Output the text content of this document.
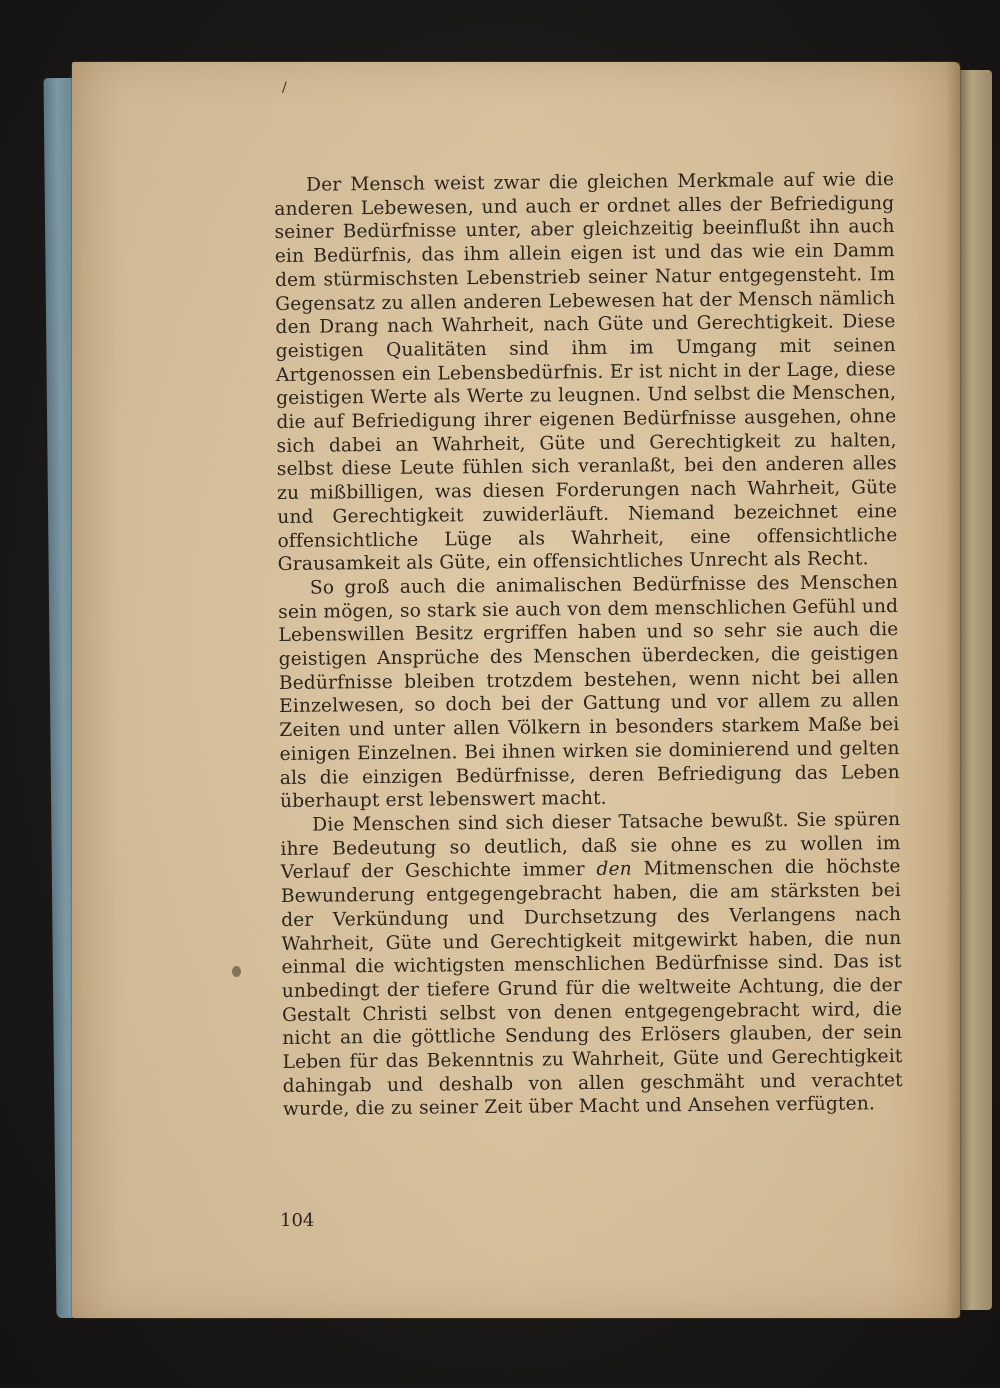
/

Der Mensch weist zwar die gleichen Merkmale auf wie die anderen Lebewesen, und auch er ordnet alles der Befriedigung seiner Bedürfnisse unter, aber gleichzeitig beeinflußt ihn auch ein Bedürfnis, das ihm allein eigen ist und das wie ein Damm dem stürmischsten Lebenstrieb seiner Natur entgegensteht. Im Gegensatz zu allen anderen Lebewesen hat der Mensch nämlich den Drang nach Wahrheit, nach Güte und Gerechtigkeit. Diese geistigen Qualitäten sind ihm im Umgang mit seinen Artgenossen ein Lebensbedürfnis. Er ist nicht in der Lage, diese geistigen Werte als Werte zu leugnen. Und selbst die Menschen, die auf Befriedigung ihrer eigenen Bedürfnisse ausgehen, ohne sich dabei an Wahrheit, Güte und Gerechtigkeit zu halten, selbst diese Leute fühlen sich veranlaßt, bei den anderen alles zu mißbilligen, was diesen Forderungen nach Wahrheit, Güte und Gerechtigkeit zuwiderläuft. Niemand bezeichnet eine offensichtliche Lüge als Wahrheit, eine offensichtliche Grausamkeit als Güte, ein offensichtliches Unrecht als Recht.

So groß auch die animalischen Bedürfnisse des Menschen sein mögen, so stark sie auch von dem menschlichen Gefühl und Lebenswillen Besitz ergriffen haben und so sehr sie auch die geistigen Ansprüche des Menschen überdecken, die geistigen Bedürfnisse bleiben trotzdem bestehen, wenn nicht bei allen Einzelwesen, so doch bei der Gattung und vor allem zu allen Zeiten und unter allen Völkern in besonders starkem Maße bei einigen Einzelnen. Bei ihnen wirken sie dominierend und gelten als die einzigen Bedürfnisse, deren Befriedigung das Leben überhaupt erst lebenswert macht.

Die Menschen sind sich dieser Tatsache bewußt. Sie spüren ihre Bedeutung so deutlich, daß sie ohne es zu wollen im Verlauf der Geschichte immer den Mitmenschen die höchste Bewunderung entgegengebracht haben, die am stärksten bei der Verkündung und Durchsetzung des Verlangens nach Wahrheit, Güte und Gerechtigkeit mitgewirkt haben, die nun einmal die wichtigsten menschlichen Bedürfnisse sind. Das ist unbedingt der tiefere Grund für die weltweite Achtung, die der Gestalt Christi selbst von denen entgegengebracht wird, die nicht an die göttliche Sendung des Erlösers glauben, der sein Leben für das Bekenntnis zu Wahrheit, Güte und Gerechtigkeit dahingab und deshalb von allen geschmäht und verachtet wurde, die zu seiner Zeit über Macht und Ansehen verfügten.

104
